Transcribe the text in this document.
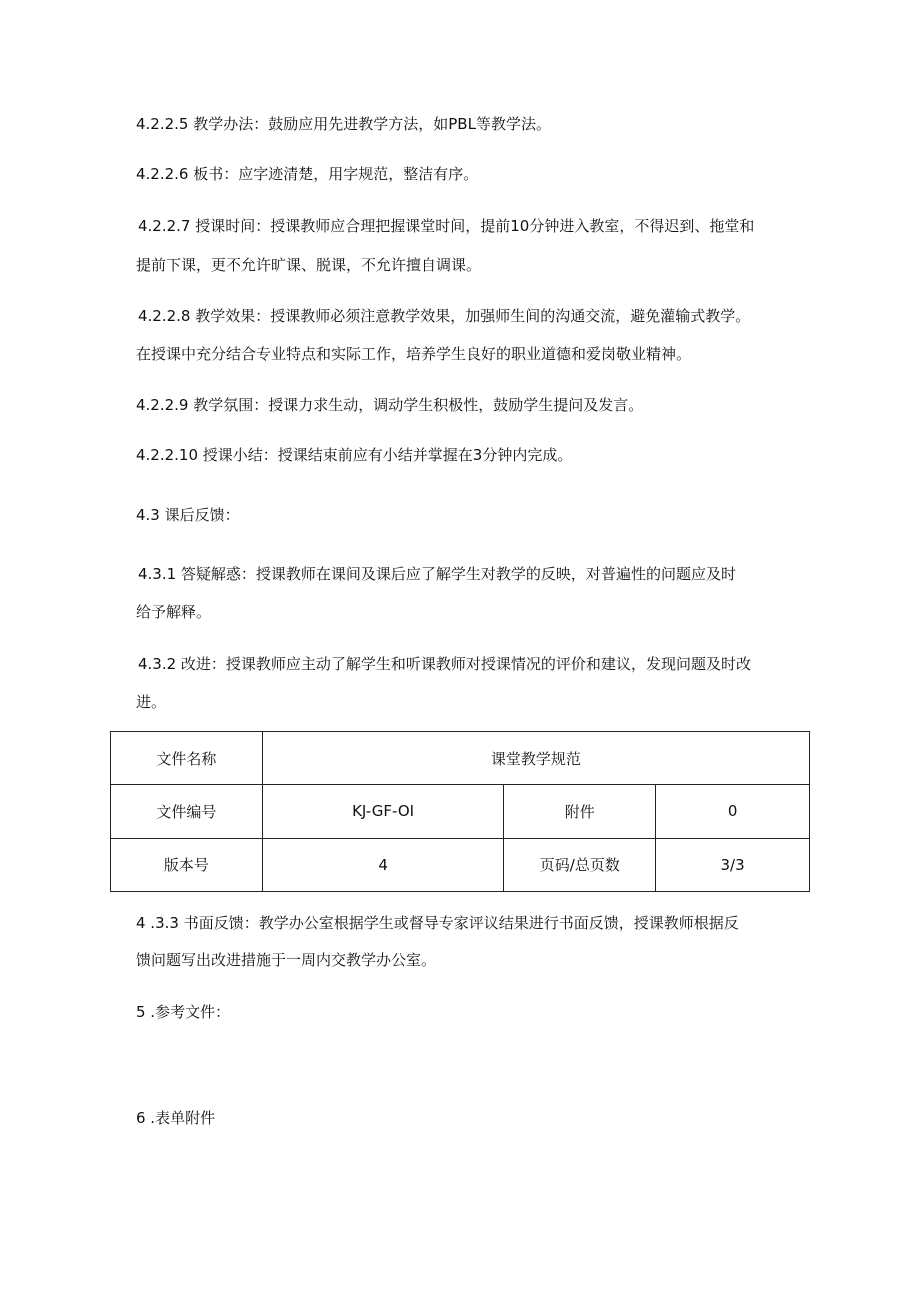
4.2.2.5 教学办法：鼓励应用先进教学方法，如PBL等教学法。

4.2.2.6 板书：应字迹清楚，用字规范，整洁有序。

4.2.2.7 授课时间：授课教师应合理把握课堂时间，提前10分钟进入教室，不得迟到、拖堂和

提前下课，更不允许旷课、脱课，不允许擅自调课。

4.2.2.8 教学效果：授课教师必须注意教学效果，加强师生间的沟通交流，避免灌输式教学。

在授课中充分结合专业特点和实际工作，培养学生良好的职业道德和爱岗敬业精神。

4.2.2.9 教学氛围：授课力求生动，调动学生积极性，鼓励学生提问及发言。

4.2.2.10 授课小结：授课结束前应有小结并掌握在3分钟内完成。

4.3 课后反馈：

4.3.1 答疑解惑：授课教师在课间及课后应了解学生对教学的反映，对普遍性的问题应及时

给予解释。

4.3.2 改进：授课教师应主动了解学生和听课教师对授课情况的评价和建议，发现问题及时改

进。

文件名称	课堂教学规范		
文件编号	KJ-GF-OI	附件	0
版本号	4	页码/总页数	3/3

4 .3.3 书面反馈：教学办公室根据学生或督导专家评议结果进行书面反馈，授课教师根据反

馈问题写出改进措施于一周内交教学办公室。

5 .参考文件：

6 .表单附件
